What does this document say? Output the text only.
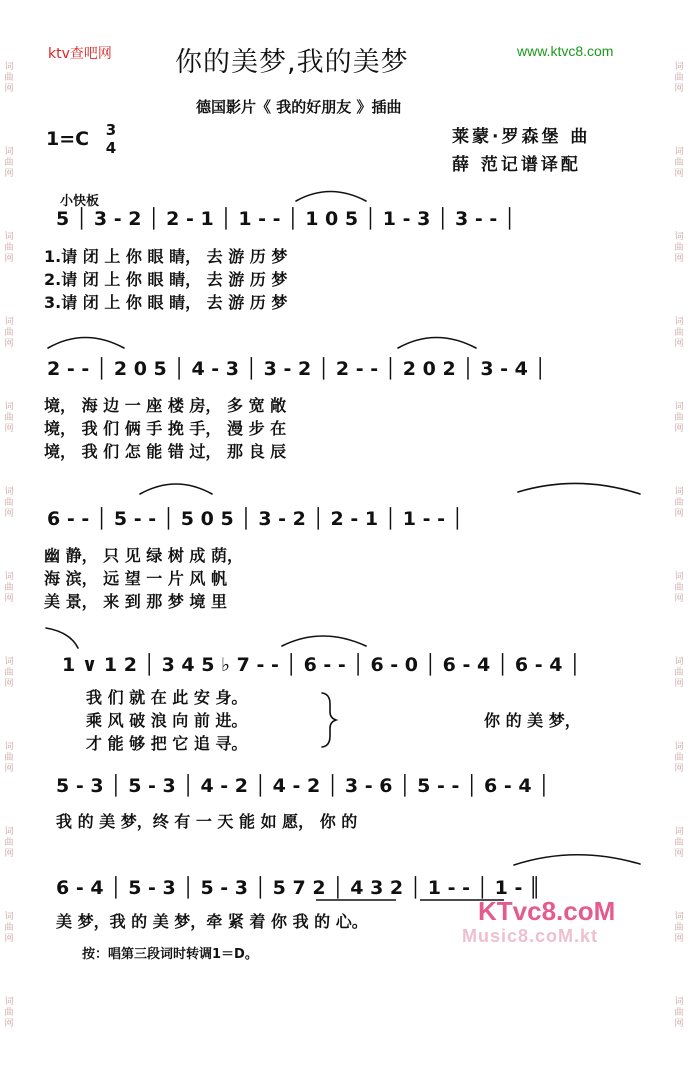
词
曲
网
词
曲
网
词
曲
网
词
曲
网
词
曲
网
词
曲
网
词
曲
网
词
曲
网
词
曲
网
词
曲
网
词
曲
网
词
曲
网
词
曲
网
词
曲
网
词
曲
网
词
曲
网
词
曲
网
词
曲
网
词
曲
网
词
曲
网
词
曲
网
词
曲
网
词
曲
网
词
曲
网
ktv查吧网	www.ktvc8.com
你的美梦,我的美梦
德国影片《 我的好朋友 》插曲
1=C 3
4
莱蒙·罗森堡 曲
薛 范记谱译配
小快板
5 │ 3 - 2 │ 2 - 1 │ 1 - - │ 1 0 5 │ 1 - 3 │ 3 - - │
1.请 闭 上 你 眼 睛， 去 游 历 梦
2.请 闭 上 你 眼 睛， 去 游 历 梦
3.请 闭 上 你 眼 睛， 去 游 历 梦
2 - - │ 2 0 5 │ 4 - 3 │ 3 - 2 │ 2 - - │ 2 0 2 │ 3 - 4 │
境， 海 边 一 座 楼 房， 多 宽 敞
境， 我 们 俩 手 挽 手， 漫 步 在
境， 我 们 怎 能 错 过， 那 良 辰
6 - - │ 5 - - │ 5 0 5 │ 3 - 2 │ 2 - 1 │ 1 - - │
幽 静， 只 见 绿 树 成 荫，
海 滨， 远 望 一 片 风 帆
美 景， 来 到 那 梦 境 里
1 ∨ 1 2 │ 3 4 5 ♭ 7 - - │ 6 - - │ 6 - 0 │ 6 - 4 │ 6 - 4 │
我 们 就 在 此 安 身。
乘 风 破 浪 向 前 进。
才 能 够 把 它 追 寻。
你 的 美 梦，
5 - 3 │ 5 - 3 │ 4 - 2 │ 4 - 2 │ 3 - 6 │ 5 - - │ 6 - 4 │
我 的 美 梦，终 有 一 天 能 如 愿， 你 的
6 - 4 │ 5 - 3 │ 5 - 3 │ 5 7 2 │ 4 3 2 │ 1 - - │ 1 - ║
美 梦，我 的 美 梦，牵 紧 着 你 我 的 心。
按：唱第三段词时转调1＝D。
KTvc8.coM
Music8.coM.kt
